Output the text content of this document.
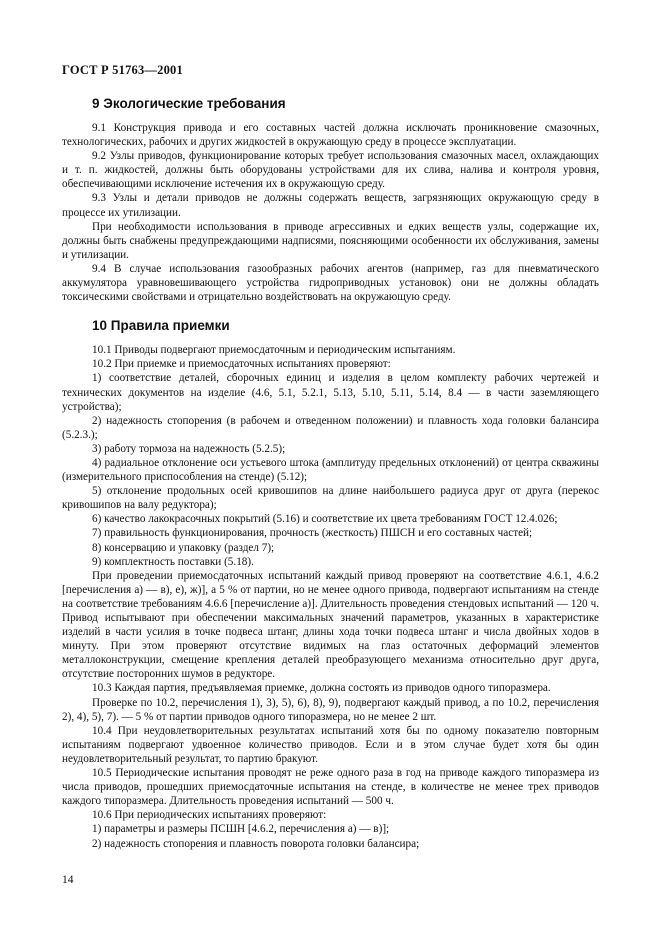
ГОСТ Р 51763—2001
9 Экологические требования

9.1 Конструкция привода и его составных частей должна исключать проникновение смазочных, технологических, рабочих и других жидкостей в окружающую среду в процессе эксплуатации.

9.2 Узлы приводов, функционирование которых требует использования смазочных масел, охлаждающих и т. п. жидкостей, должны быть оборудованы устройствами для их слива, налива и контроля уровня, обеспечивающими исключение истечения их в окружающую среду.

9.3 Узлы и детали приводов не должны содержать веществ, загрязняющих окружающую среду в процессе их утилизации.

При необходимости использования в приводе агрессивных и едких веществ узлы, содержащие их, должны быть снабжены предупреждающими надписями, поясняющими особенности их обслуживания, замены и утилизации.

9.4 В случае использования газообразных рабочих агентов (например, газ для пневматического аккумулятора уравновешивающего устройства гидроприводных установок) они не должны обладать токсическими свойствами и отрицательно воздействовать на окружающую среду.

10 Правила приемки

10.1 Приводы подвергают приемосдаточным и периодическим испытаниям.

10.2 При приемке и приемосдаточных испытаниях проверяют:

1) соответствие деталей, сборочных единиц и изделия в целом комплекту рабочих чертежей и технических документов на изделие (4.6, 5.1, 5.2.1, 5.13, 5.10, 5.11, 5.14, 8.4 — в части заземляющего устройства);

2) надежность стопорения (в рабочем и отведенном положении) и плавность хода головки балансира (5.2.3.);

3) работу тормоза на надежность (5.2.5);

4) радиальное отклонение оси устьевого штока (амплитуду предельных отклонений) от центра скважины (измерительного приспособления на стенде) (5.12);

5) отклонение продольных осей кривошипов на длине наибольшего радиуса друг от друга (перекос кривошипов на валу редуктора);

6) качество лакокрасочных покрытий (5.16) и соответствие их цвета требованиям ГОСТ 12.4.026;

7) правильность функционирования, прочность (жесткость) ПШСН и его составных частей;

8) консервацию и упаковку (раздел 7);

9) комплектность поставки (5.18).

При проведении приемосдаточных испытаний каждый привод проверяют на соответствие 4.6.1, 4.6.2 [перечисления а) — в), е), ж)], а 5 % от партии, но не менее одного привода, подвергают испытаниям на стенде на соответствие требованиям 4.6.6 [перечисление а)]. Длительность проведения стендовых испытаний — 120 ч. Привод испытывают при обеспечении максимальных значений параметров, указанных в характеристике изделий в части усилия в точке подвеса штанг, длины хода точки подвеса штанг и числа двойных ходов в минуту. При этом проверяют отсутствие видимых на глаз остаточных деформаций элементов металлоконструкции, смещение крепления деталей преобразующего механизма относительно друг друга, отсутствие посторонних шумов в редукторе.

10.3 Каждая партия, предъявляемая приемке, должна состоять из приводов одного типоразмера.

Проверке по 10.2, перечисления 1), 3), 5), 6), 8), 9), подвергают каждый привод, а по 10.2, перечисления 2), 4), 5), 7). — 5 % от партии приводов одного типоразмера, но не менее 2 шт.

10.4 При неудовлетворительных результатах испытаний хотя бы по одному показателю повторным испытаниям подвергают удвоенное количество приводов. Если и в этом случае будет хотя бы один неудовлетворительный результат, то партию бракуют.

10.5 Периодические испытания проводят не реже одного раза в год на приводе каждого типоразмера из числа приводов, прошедших приемосдаточные испытания на стенде, в количестве не менее трех приводов каждого типоразмера. Длительность проведения испытаний — 500 ч.

10.6 При периодических испытаниях проверяют:

1) параметры и размеры ПСШН [4.6.2, перечисления а) — в)];

2) надежность стопорения и плавность поворота головки балансира;

14
